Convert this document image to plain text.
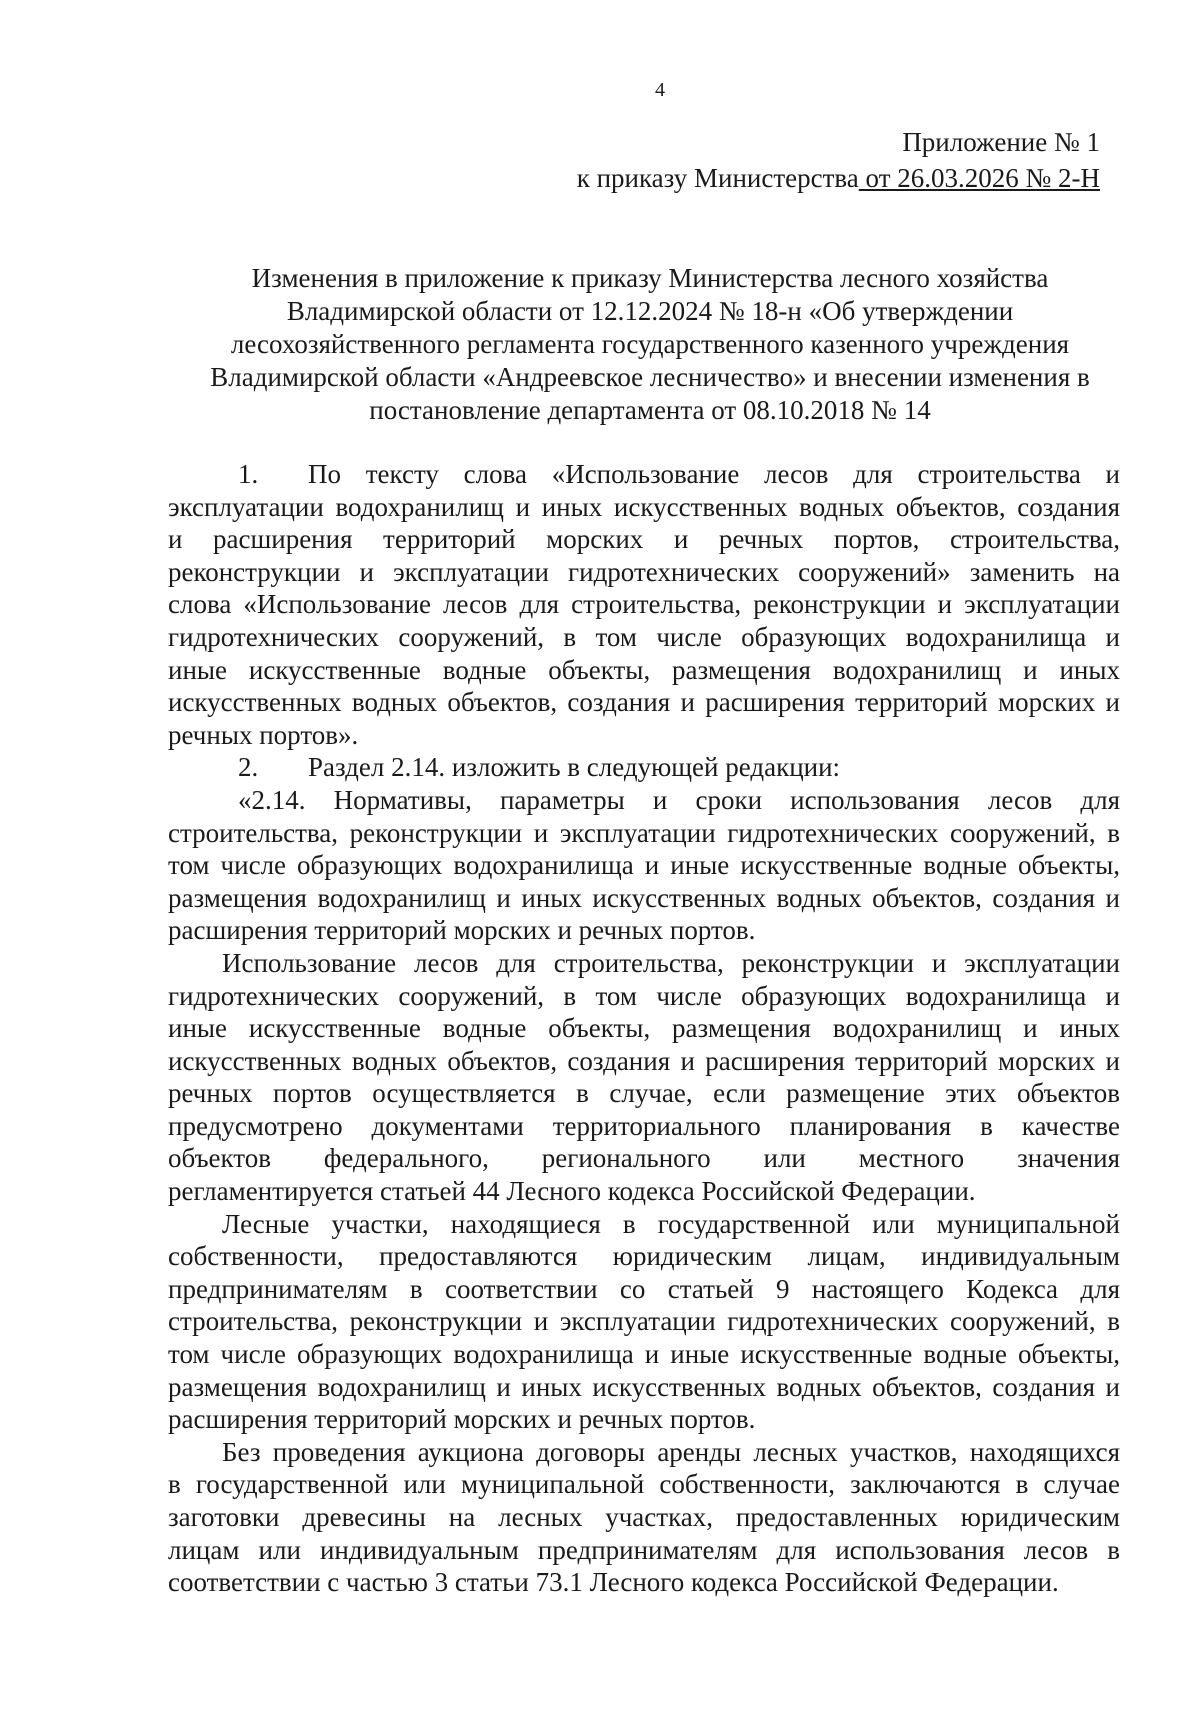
4
Приложение № 1
к приказу Министерства от 26.03.2026 № 2-Н
Изменения в приложение к приказу Министерства лесного хозяйства
Владимирской области от 12.12.2024 № 18-н «Об утверждении
лесохозяйственного регламента государственного казенного учреждения
Владимирской области «Андреевское лесничество» и внесении изменения в
постановление департамента от 08.10.2018 № 14
1. По тексту слова «Использование лесов для строительства и
эксплуатации водохранилищ и иных искусственных водных объектов, создания
и расширения территорий морских и речных портов, строительства,
реконструкции и эксплуатации гидротехнических сооружений» заменить на
слова «Использование лесов для строительства, реконструкции и эксплуатации
гидротехнических сооружений, в том числе образующих водохранилища и
иные искусственные водные объекты, размещения водохранилищ и иных
искусственных водных объектов, создания и расширения территорий морских и
речных портов».
2. Раздел 2.14. изложить в следующей редакции:
«2.14. Нормативы, параметры и сроки использования лесов для
строительства, реконструкции и эксплуатации гидротехнических сооружений, в
том числе образующих водохранилища и иные искусственные водные объекты,
размещения водохранилищ и иных искусственных водных объектов, создания и
расширения территорий морских и речных портов.
Использование лесов для строительства, реконструкции и эксплуатации
гидротехнических сооружений, в том числе образующих водохранилища и
иные искусственные водные объекты, размещения водохранилищ и иных
искусственных водных объектов, создания и расширения территорий морских и
речных портов осуществляется в случае, если размещение этих объектов
предусмотрено документами территориального планирования в качестве
объектов федерального, регионального или местного значения
регламентируется статьей 44 Лесного кодекса Российской Федерации.
Лесные участки, находящиеся в государственной или муниципальной
собственности, предоставляются юридическим лицам, индивидуальным
предпринимателям в соответствии со статьей 9 настоящего Кодекса для
строительства, реконструкции и эксплуатации гидротехнических сооружений, в
том числе образующих водохранилища и иные искусственные водные объекты,
размещения водохранилищ и иных искусственных водных объектов, создания и
расширения территорий морских и речных портов.
Без проведения аукциона договоры аренды лесных участков, находящихся
в государственной или муниципальной собственности, заключаются в случае
заготовки древесины на лесных участках, предоставленных юридическим
лицам или индивидуальным предпринимателям для использования лесов в
соответствии с частью 3 статьи 73.1 Лесного кодекса Российской Федерации.
